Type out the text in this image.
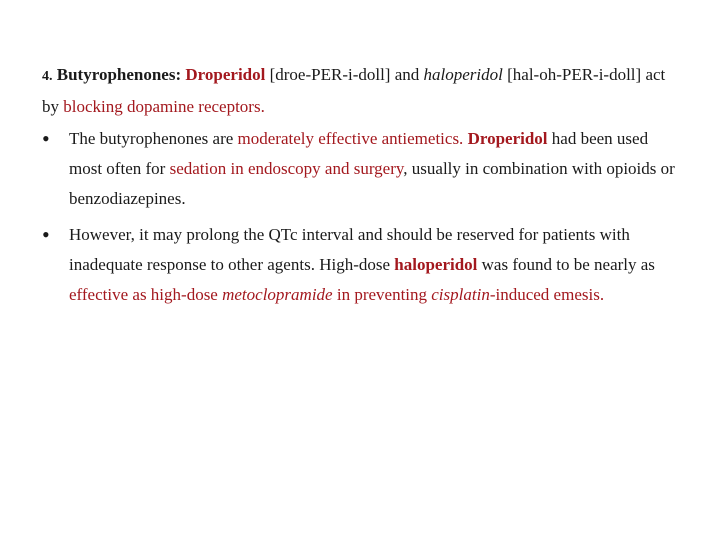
4. Butyrophenones: Droperidol [droe‐PER‐i‐doll] and haloperidol [hal‐oh‐PER‐i‐doll] act by blocking dopamine receptors.
• The butyrophenones are moderately effective antiemetics. Droperidol had been used most often for sedation in endoscopy and surgery, usually in combination with opioids or benzodiazepines.
• However, it may prolong the QTc interval and should be reserved for patients with inadequate response to other agents. High‐dose haloperidol was found to be nearly as effective as high‐dose metoclopramide in preventing cisplatin‐induced emesis.
